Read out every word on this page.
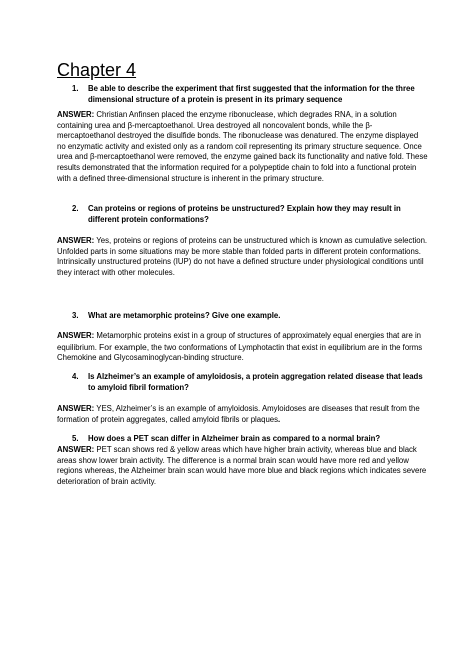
Chapter 4
1. Be able to describe the experiment that first suggested that the information for the three dimensional structure of a protein is present in its primary sequence

ANSWER: Christian Anfinsen placed the enzyme ribonuclease, which degrades RNA, in a solution containing urea and β-mercaptoethanol. Urea destroyed all noncovalent bonds, while the β-mercaptoethanol destroyed the disulfide bonds. The ribonuclease was denatured. The enzyme displayed no enzymatic activity and existed only as a random coil representing its primary structure sequence. Once urea and β-mercaptoethanol were removed, the enzyme gained back its functionality and native fold. These results demonstrated that the information required for a polypeptide chain to fold into a functional protein with a defined three-dimensional structure is inherent in the primary structure.

2. Can proteins or regions of proteins be unstructured? Explain how they may result in different protein conformations?

ANSWER: Yes, proteins or regions of proteins can be unstructured which is known as cumulative selection. Unfolded parts in some situations may be more stable than folded parts in different protein conformations.

Intrinsically unstructured proteins (IUP) do not have a defined structure under physiological conditions until they interact with other molecules.

3. What are metamorphic proteins? Give one example.

ANSWER: Metamorphic proteins exist in a group of structures of approximately equal energies that are in equilibrium. For example, the two conformations of Lymphotactin that exist in equilibrium are in the forms Chemokine and Glycosaminoglycan-binding structure.

4. Is Alzheimer’s an example of amyloidosis, a protein aggregation related disease that leads to amyloid fibril formation?

ANSWER: YES, Alzheimer’s is an example of amyloidosis. Amyloidoses are diseases that result from the formation of protein aggregates, called amyloid fibrils or plaques.

5. How does a PET scan differ in Alzheimer brain as compared to a normal brain?

ANSWER: PET scan shows red & yellow areas which have higher brain activity, whereas blue and black areas show lower brain activity. The difference is a normal brain scan would have more red and yellow regions whereas, the Alzheimer brain scan would have more blue and black regions which indicates severe deterioration of brain activity.
